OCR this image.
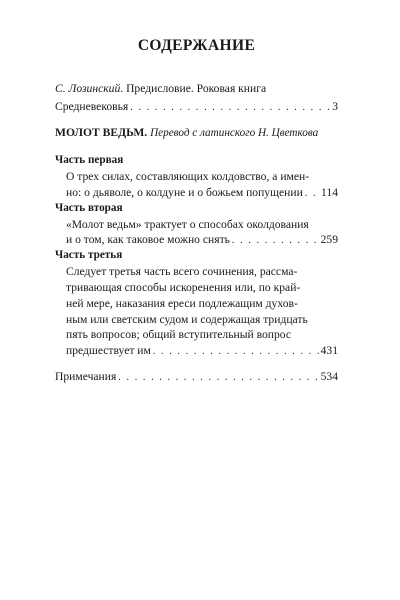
СОДЕРЖАНИЕ
С. Лозинский. Предисловие. Роковая книга
Средневековья . . .	3
МОЛОТ ВЕДЬМ. Перевод с латинского Н. Цветкова
Часть первая
О трех силах, составляющих колдовство, а имен-
но: о дьяволе, о колдуне и о божьем попущении . . . 114
Часть вторая
«Молот ведьм» трактует о способах околдования
и о том, как таковое можно снять . . .	259
Часть третья
Следует третья часть всего сочинения, рассма-
тривающая способы искоренения или, по край-
ней мере, наказания ереси подлежащим духов-
ным или светским судом и содержащая тридцать
пять вопросов; общий вступительный вопрос
предшествует им . . .	431
Примечания . . .	534
